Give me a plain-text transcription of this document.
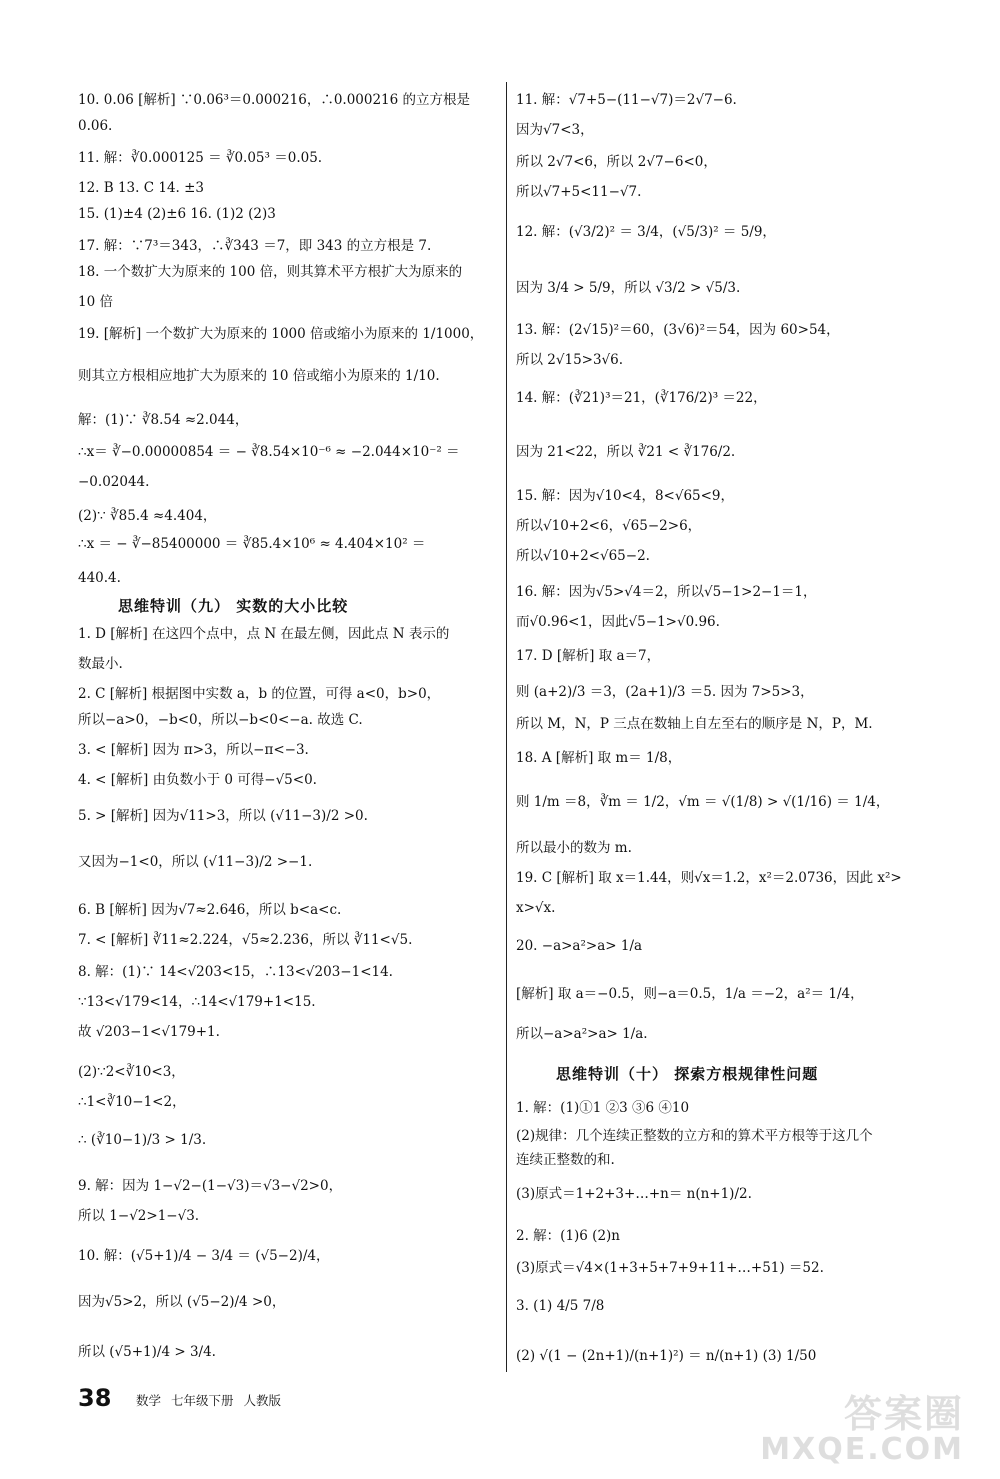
10. 0.06 [解析] ∵0.06³＝0.000216，∴0.000216 的立方根是
0.06.
11. 解：∛0.000125 ＝ ∛0.05³ ＝0.05.
12. B 13. C 14. ±3
15. (1)±4 (2)±6 16. (1)2 (2)3
17. 解：∵7³＝343，∴∛343 ＝7，即 343 的立方根是 7.
18. 一个数扩大为原来的 100 倍，则其算术平方根扩大为原来的
10 倍
19. [解析] 一个数扩大为原来的 1000 倍或缩小为原来的 1/1000，
则其立方根相应地扩大为原来的 10 倍或缩小为原来的 1/10.
解：(1)∵ ∛8.54 ≈2.044，
∴x＝ ∛−0.00000854 ＝ − ∛8.54×10⁻⁶ ≈ −2.044×10⁻² ＝
−0.02044.
(2)∵ ∛85.4 ≈4.404，
∴x ＝ − ∛−85400000 ＝ ∛85.4×10⁶ ≈ 4.404×10² ＝
440.4.
思维特训（九） 实数的大小比较
1. D [解析] 在这四个点中，点 N 在最左侧，因此点 N 表示的
数最小.
2. C [解析] 根据图中实数 a，b 的位置，可得 a<0，b>0，
所以−a>0，−b<0，所以−b<0<−a. 故选 C.
3. < [解析] 因为 π>3，所以−π<−3.
4. < [解析] 由负数小于 0 可得−√5<0.
5. > [解析] 因为√11>3，所以 (√11−3)/2 >0.
又因为−1<0，所以 (√11−3)/2 >−1.
6. B [解析] 因为√7≈2.646，所以 b<a<c.
7. < [解析] ∛11≈2.224，√5≈2.236，所以 ∛11<√5.
8. 解：(1)∵ 14<√203<15，∴13<√203−1<14.
∵13<√179<14，∴14<√179+1<15.
故 √203−1<√179+1.
(2)∵2<∛10<3，
∴1<∛10−1<2，
∴ (∛10−1)/3 > 1/3.
9. 解：因为 1−√2−(1−√3)＝√3−√2>0，
所以 1−√2>1−√3.
10. 解：(√5+1)/4 − 3/4 ＝ (√5−2)/4，
因为√5>2，所以 (√5−2)/4 >0，
所以 (√5+1)/4 > 3/4.
11. 解：√7+5−(11−√7)＝2√7−6.
因为√7<3，
所以 2√7<6，所以 2√7−6<0，
所以√7+5<11−√7.
12. 解：(√3/2)² ＝ 3/4，(√5/3)² ＝ 5/9，
因为 3/4 > 5/9，所以 √3/2 > √5/3.
13. 解：(2√15)²＝60，(3√6)²＝54，因为 60>54，
所以 2√15>3√6.
14. 解：(∛21)³＝21，(∛176/2)³ ＝22，
因为 21<22，所以 ∛21 < ∛176/2.
15. 解：因为√10<4，8<√65<9，
所以√10+2<6，√65−2>6，
所以√10+2<√65−2.
16. 解：因为√5>√4＝2，所以√5−1>2−1＝1，
而√0.96<1，因此√5−1>√0.96.
17. D [解析] 取 a＝7，
则 (a+2)/3 ＝3，(2a+1)/3 ＝5. 因为 7>5>3，
所以 M，N，P 三点在数轴上自左至右的顺序是 N，P，M.
18. A [解析] 取 m＝ 1/8，
则 1/m ＝8，∛m ＝ 1/2，√m ＝ √(1/8) > √(1/16) ＝ 1/4，
所以最小的数为 m.
19. C [解析] 取 x＝1.44，则√x＝1.2，x²＝2.0736，因此 x²>
x>√x.
20. −a>a²>a> 1/a
[解析] 取 a＝−0.5，则−a＝0.5，1/a ＝−2，a²＝ 1/4，
所以−a>a²>a> 1/a.
思维特训（十） 探索方根规律性问题
1. 解：(1)①1 ②3 ③6 ④10
(2)规律：几个连续正整数的立方和的算术平方根等于这几个
连续正整数的和.
(3)原式＝1+2+3+…+n＝ n(n+1)/2.
2. 解：(1)6 (2)n
(3)原式＝√4×(1+3+5+7+9+11+…+51) ＝52.
3. (1) 4/5 7/8
(2) √(1 − (2n+1)/(n+1)²) ＝ n/(n+1) (3) 1/50
38 数学 七年级下册 人教版	答案圈
MXQE.COM
